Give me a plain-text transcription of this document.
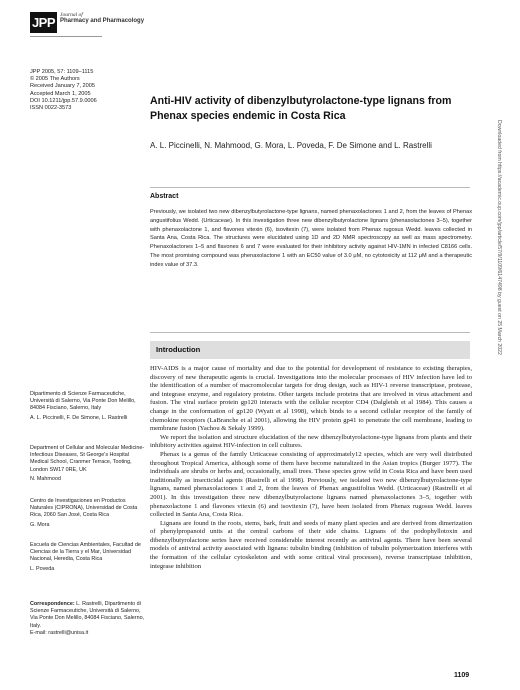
JPP Journal of
Pharmacy and Pharmacology
JPP 2005, 57: 1109–1115
© 2005 The Authors
Received January 7, 2005
Accepted March 1, 2005
DOI 10.1211/jpp.57.9.0006
ISSN 0022-3573
Anti-HIV activity of dibenzylbutyrolactone-type lignans from Phenax species endemic in Costa Rica
A. L. Piccinelli, N. Mahmood, G. Mora, L. Poveda, F. De Simone and L. Rastrelli
Abstract
Previously, we isolated two new dibenzylbutyrolactone-type lignans, named phenaxolactones 1 and 2, from the leaves of Phenax angustifolius Wedd. (Urticaceae). In this investigation three new dibenzylbutyrolactone lignans (phenaxolactones 3–5), together with phenaxolactone 1, and flavones vitexin (6), isovitexin (7), were isolated from Phenax rugosus Wedd. leaves collected in Santa Ana, Costa Rica. The structures were elucidated using 1D and 2D NMR spectroscopy as well as mass spectrometry. Phenaxolactones 1–5 and flavones 6 and 7 were evaluated for their inhibitory activity against HIV-1MN in infected C8166 cells. The most promising compound was phenaxolactone 1 with an EC50 value of 3.0 μM, no cytotoxicity at 112 μM and a therapeutic index value of 37.3.
Introduction

HIV-AIDS is a major cause of mortality and due to the potential for development of resistance to existing therapies, discovery of new therapeutic agents is crucial. Investigations into the molecular processes of HIV infection have led to the identification of a number of macromolecular targets for drug design, such as HIV-1 reverse transcriptase, protease, and integrase enzyme, and regulatory proteins. Other targets include proteins that are involved in virus attachment and fusion. The viral surface protein gp120 interacts with the cellular receptor CD4 (Dalgleish et al 1984). This causes a change in the conformation of gp120 (Wyatt et al 1998), which binds to a second cellular receptor of the family of chemokine receptors (LaBranche et al 2001), allowing the HIV protein gp41 to penetrate the cell membrane, leading to membrane fusion (Yachou & Sekaly 1999).

We report the isolation and structure elucidation of the new dibenzylbutyrolactone-type lignans from plants and their inhibitory activities against HIV-infection in cell cultures.

Phenax is a genus of the family Urticaceae consisting of approximately12 species, which are very well distributed throughout Tropical America, although some of them have become naturalized in the Asian tropics (Burger 1977). The individuals are shrubs or herbs and, occasionally, small trees. These species grow wild in Costa Rica and have been used traditionally as insecticidal agents (Rastrelli et al 1998). Previously, we isolated two new dibenzylbutyrolactone-type lignans, named phenaxolactones 1 and 2, from the leaves of Phenax angustifolius Wedd. (Urticaceae) (Rastrelli et al 2001). In this investigation three new dibenzylbutyrolactone lignans named phenaxolactones 3–5, together with phenaxolactone 1 and flavones vitexin (6) and isovitexin (7), have been isolated from Phenax rugosus Wedd. leaves collected in Santa Ana, Costa Rica.

Lignans are found in the roots, stems, bark, fruit and seeds of many plant species and are derived from dimerization of phenylpropanoid units at the central carbons of their side chains. Lignans of the podophyllotoxin and dibenzylbutyrolactone series have received considerable interest recently as antiviral agents. There have been several models of antiviral activity associated with lignans: tubulin binding (inhibition of tubulin polymerization interferes with the formation of the cellular cytoskeleton and with some critical viral processes), reverse transcriptase inhibition, integrase inhibition

Dipartimento di Scienze Farmaceutiche, Università di Salerno, Via Ponte Don Melillo, 84084 Fisciano, Salerno, Italy
A. L. Piccinelli, F. De Simone, L. Rastrelli
Department of Cellular and Molecular Medicine-Infectious Diseases, St George's Hospital Medical School, Cranmer Terrace, Tooting, London SW17 0RE, UK
N. Mahmood
Centro de Investigaciones en Productos Naturales (CIPRONA), Universidad de Costa Rica, 2060 San José, Costa Rica
G. Mora
Escuela de Ciencias Ambientales, Facultad de Ciencias de la Tierra y el Mar, Universidad Nacional, Heredia, Costa Rica
L. Poveda
Correspondence: L. Rastrelli, Dipartimento di Scienze Farmaceutiche, Università di Salerno, Via Ponte Don Melillo, 84084 Fisciano, Salerno, Italy.
E-mail: rastrelli@unisa.it
Downloaded from https://academic.oup.com/jpp/article/57/9/1109/6147498 by guest on 25 March 2022
1109
